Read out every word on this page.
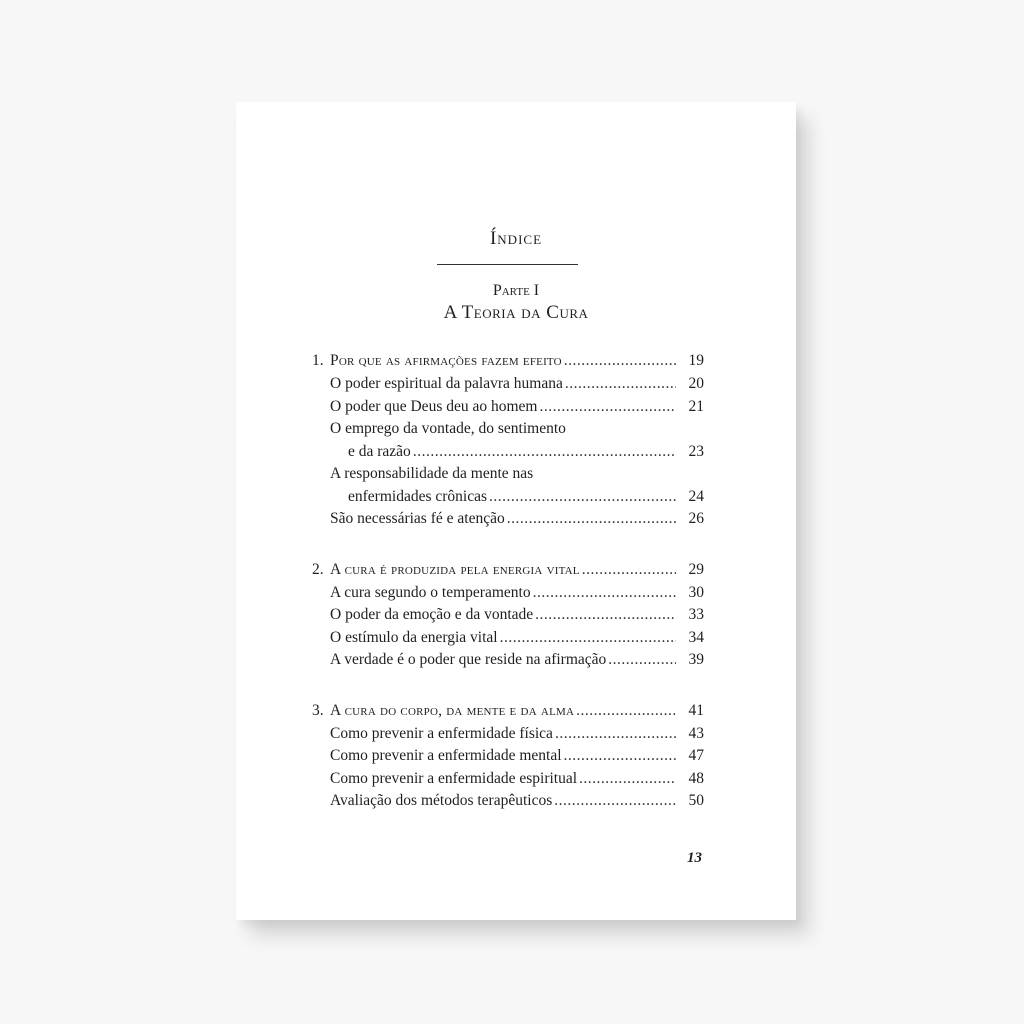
Índice
Parte I
A Teoria da Cura
1. Por que as afirmações fazem efeito .....	19
O poder espiritual da palavra humana .....	20
O poder que Deus deu ao homem .....	21
O emprego da vontade, do sentimento
e da razão .....	23
A responsabilidade da mente nas
enfermidades crônicas .....	24
São necessárias fé e atenção .....	26
2. A cura é produzida pela energia vital .....	29
A cura segundo o temperamento .....	30
O poder da emoção e da vontade .....	33
O estímulo da energia vital .....	34
A verdade é o poder que reside na afirmação .....	39
3. A cura do corpo, da mente e da alma .....	41
Como prevenir a enfermidade física .....	43
Como prevenir a enfermidade mental .....	47
Como prevenir a enfermidade espiritual .....	48
Avaliação dos métodos terapêuticos .....	50
13
